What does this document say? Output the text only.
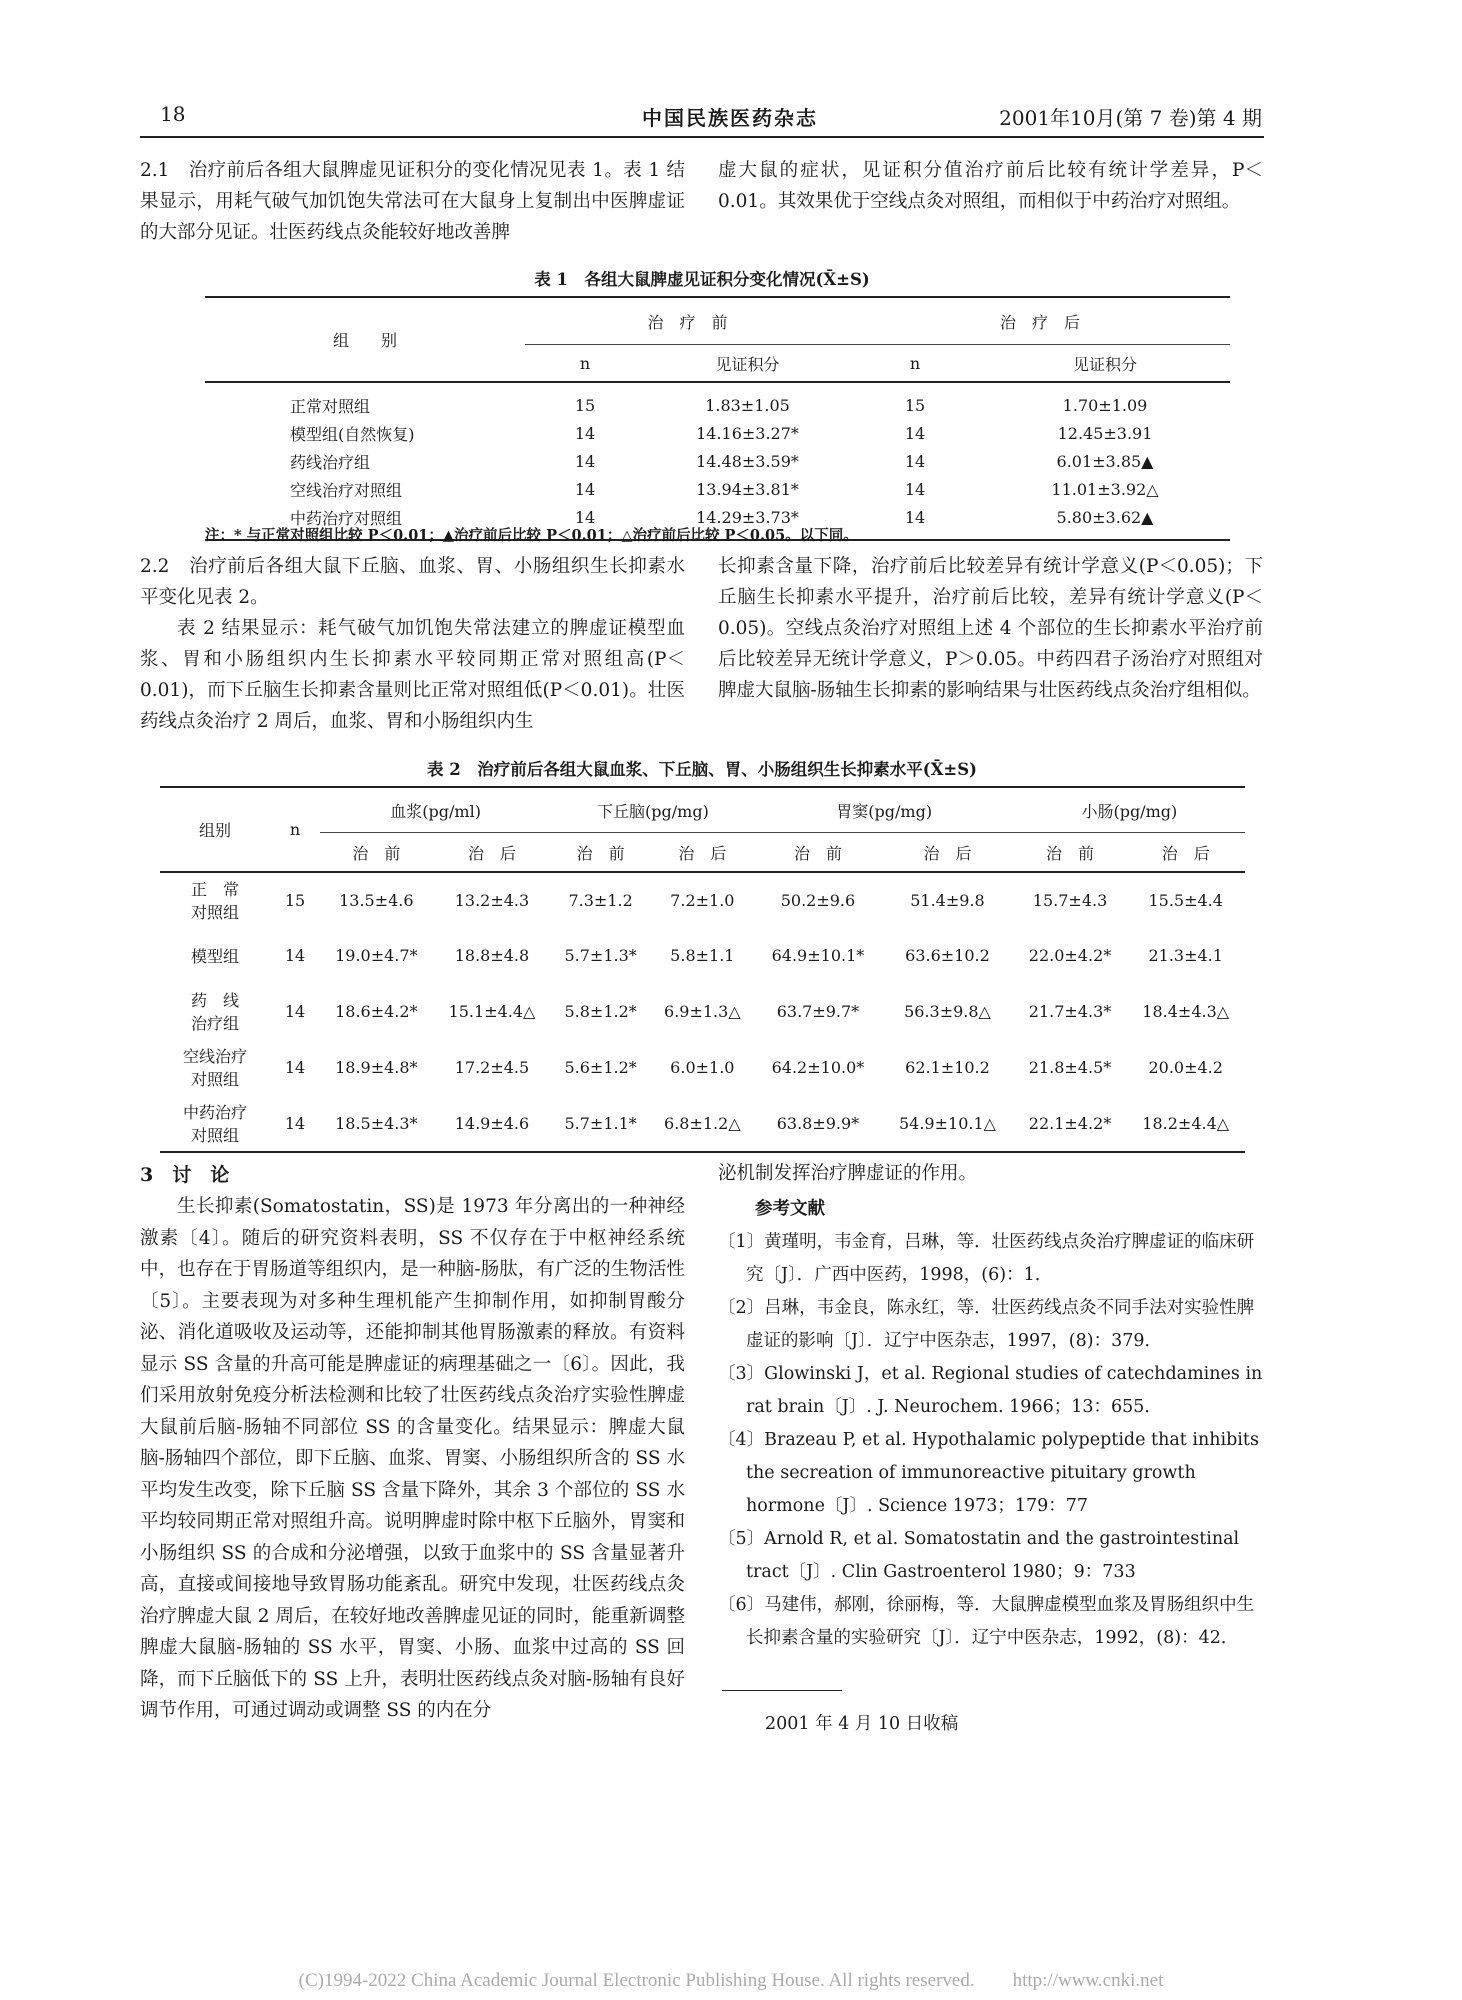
18	中国民族医药杂志	2001年10月(第 7 卷)第 4 期

2.1　治疗前后各组大鼠脾虚见证积分的变化情况见表 1。表 1 结果显示，用耗气破气加饥饱失常法可在大鼠身上复制出中医脾虚证的大部分见证。壮医药线点灸能较好地改善脾

虚大鼠的症状，见证积分值治疗前后比较有统计学差异，P＜0.01。其效果优于空线点灸对照组，而相似于中药治疗对照组。

表 1　各组大鼠脾虚见证积分变化情况(X̄±S)
组　　别	治　疗　前		治　疗　后	
	n	见证积分	n	见证积分
正常对照组	15	1.83±1.05	15	1.70±1.09
模型组(自然恢复)	14	14.16±3.27*	14	12.45±3.91
药线治疗组	14	14.48±3.59*	14	6.01±3.85▲
空线治疗对照组	14	13.94±3.81*	14	11.01±3.92△
中药治疗对照组	14	14.29±3.73*	14	5.80±3.62▲
注：* 与正常对照组比较 P＜0.01；▲治疗前后比较 P＜0.01；△治疗前后比较 P＜0.05。以下同。

2.2　治疗前后各组大鼠下丘脑、血浆、胃、小肠组织生长抑素水平变化见表 2。

表 2 结果显示：耗气破气加饥饱失常法建立的脾虚证模型血浆、胃和小肠组织内生长抑素水平较同期正常对照组高(P＜0.01)，而下丘脑生长抑素含量则比正常对照组低(P＜0.01)。壮医药线点灸治疗 2 周后，血浆、胃和小肠组织内生

长抑素含量下降，治疗前后比较差异有统计学意义(P＜0.05)；下丘脑生长抑素水平提升，治疗前后比较，差异有统计学意义(P＜0.05)。空线点灸治疗对照组上述 4 个部位的生长抑素水平治疗前后比较差异无统计学意义，P＞0.05。中药四君子汤治疗对照组对脾虚大鼠脑-肠轴生长抑素的影响结果与壮医药线点灸治疗组相似。

表 2　治疗前后各组大鼠血浆、下丘脑、胃、小肠组织生长抑素水平(X̄±S)
组别	n	血浆(pg/ml)		下丘脑(pg/mg)		胃窦(pg/mg)		小肠(pg/mg)	
		治　前	治　后	治　前	治　后	治　前	治　后	治　前	治　后

正　常
对照组	15	13.5±4.6	13.2±4.3	7.3±1.2	7.2±1.0	50.2±9.6	51.4±9.8	15.7±4.3	15.5±4.4

模型组	14	19.0±4.7*	18.8±4.8	5.7±1.3*	5.8±1.1	64.9±10.1*	63.6±10.2	22.0±4.2*	21.3±4.1

药　线
治疗组	14	18.6±4.2*	15.1±4.4△	5.8±1.2*	6.9±1.3△	63.7±9.7*	56.3±9.8△	21.7±4.3*	18.4±4.3△

空线治疗
对照组	14	18.9±4.8*	17.2±4.5	5.6±1.2*	6.0±1.0	64.2±10.0*	62.1±10.2	21.8±4.5*	20.0±4.2

中药治疗
对照组	14	18.5±4.3*	14.9±4.6	5.7±1.1*	6.8±1.2△	63.8±9.9*	54.9±10.1△	22.1±4.2*	18.2±4.4△
3　讨　论

生长抑素(Somatostatin，SS)是 1973 年分离出的一种神经激素〔4〕。随后的研究资料表明，SS 不仅存在于中枢神经系统中，也存在于胃肠道等组织内，是一种脑-肠肽，有广泛的生物活性〔5〕。主要表现为对多种生理机能产生抑制作用，如抑制胃酸分泌、消化道吸收及运动等，还能抑制其他胃肠激素的释放。有资料显示 SS 含量的升高可能是脾虚证的病理基础之一〔6〕。因此，我们采用放射免疫分析法检测和比较了壮医药线点灸治疗实验性脾虚大鼠前后脑-肠轴不同部位 SS 的含量变化。结果显示：脾虚大鼠脑-肠轴四个部位，即下丘脑、血浆、胃窦、小肠组织所含的 SS 水平均发生改变，除下丘脑 SS 含量下降外，其余 3 个部位的 SS 水平均较同期正常对照组升高。说明脾虚时除中枢下丘脑外，胃窦和小肠组织 SS 的合成和分泌增强，以致于血浆中的 SS 含量显著升高，直接或间接地导致胃肠功能紊乱。研究中发现，壮医药线点灸治疗脾虚大鼠 2 周后，在较好地改善脾虚见证的同时，能重新调整脾虚大鼠脑-肠轴的 SS 水平，胃窦、小肠、血浆中过高的 SS 回降，而下丘脑低下的 SS 上升，表明壮医药线点灸对脑-肠轴有良好调节作用，可通过调动或调整 SS 的内在分

泌机制发挥治疗脾虚证的作用。

参考文献

〔1〕黄瑾明，韦金育，吕琳，等．壮医药线点灸治疗脾虚证的临床研究〔J〕．广西中医药，1998，(6)：1．

〔2〕吕琳，韦金良，陈永红，等．壮医药线点灸不同手法对实验性脾虚证的影响〔J〕．辽宁中医杂志，1997，(8)：379．

〔3〕Glowinski J，et al. Regional studies of catechdamines in rat brain〔J〕. J. Neurochem. 1966；13：655．

〔4〕Brazeau P, et al. Hypothalamic polypeptide that inhibits the secreation of immunoreactive pituitary growth hormone〔J〕. Science 1973；179：77

〔5〕Arnold R, et al. Somatostatin and the gastrointestinal tract〔J〕. Clin Gastroenterol 1980；9：733

〔6〕马建伟，郝刚，徐丽梅，等．大鼠脾虚模型血浆及胃肠组织中生长抑素含量的实验研究〔J〕．辽宁中医杂志，1992，(8)：42．

2001 年 4 月 10 日收稿
(C)1994-2022 China Academic Journal Electronic Publishing House. All rights reserved.　　http://www.cnki.net
